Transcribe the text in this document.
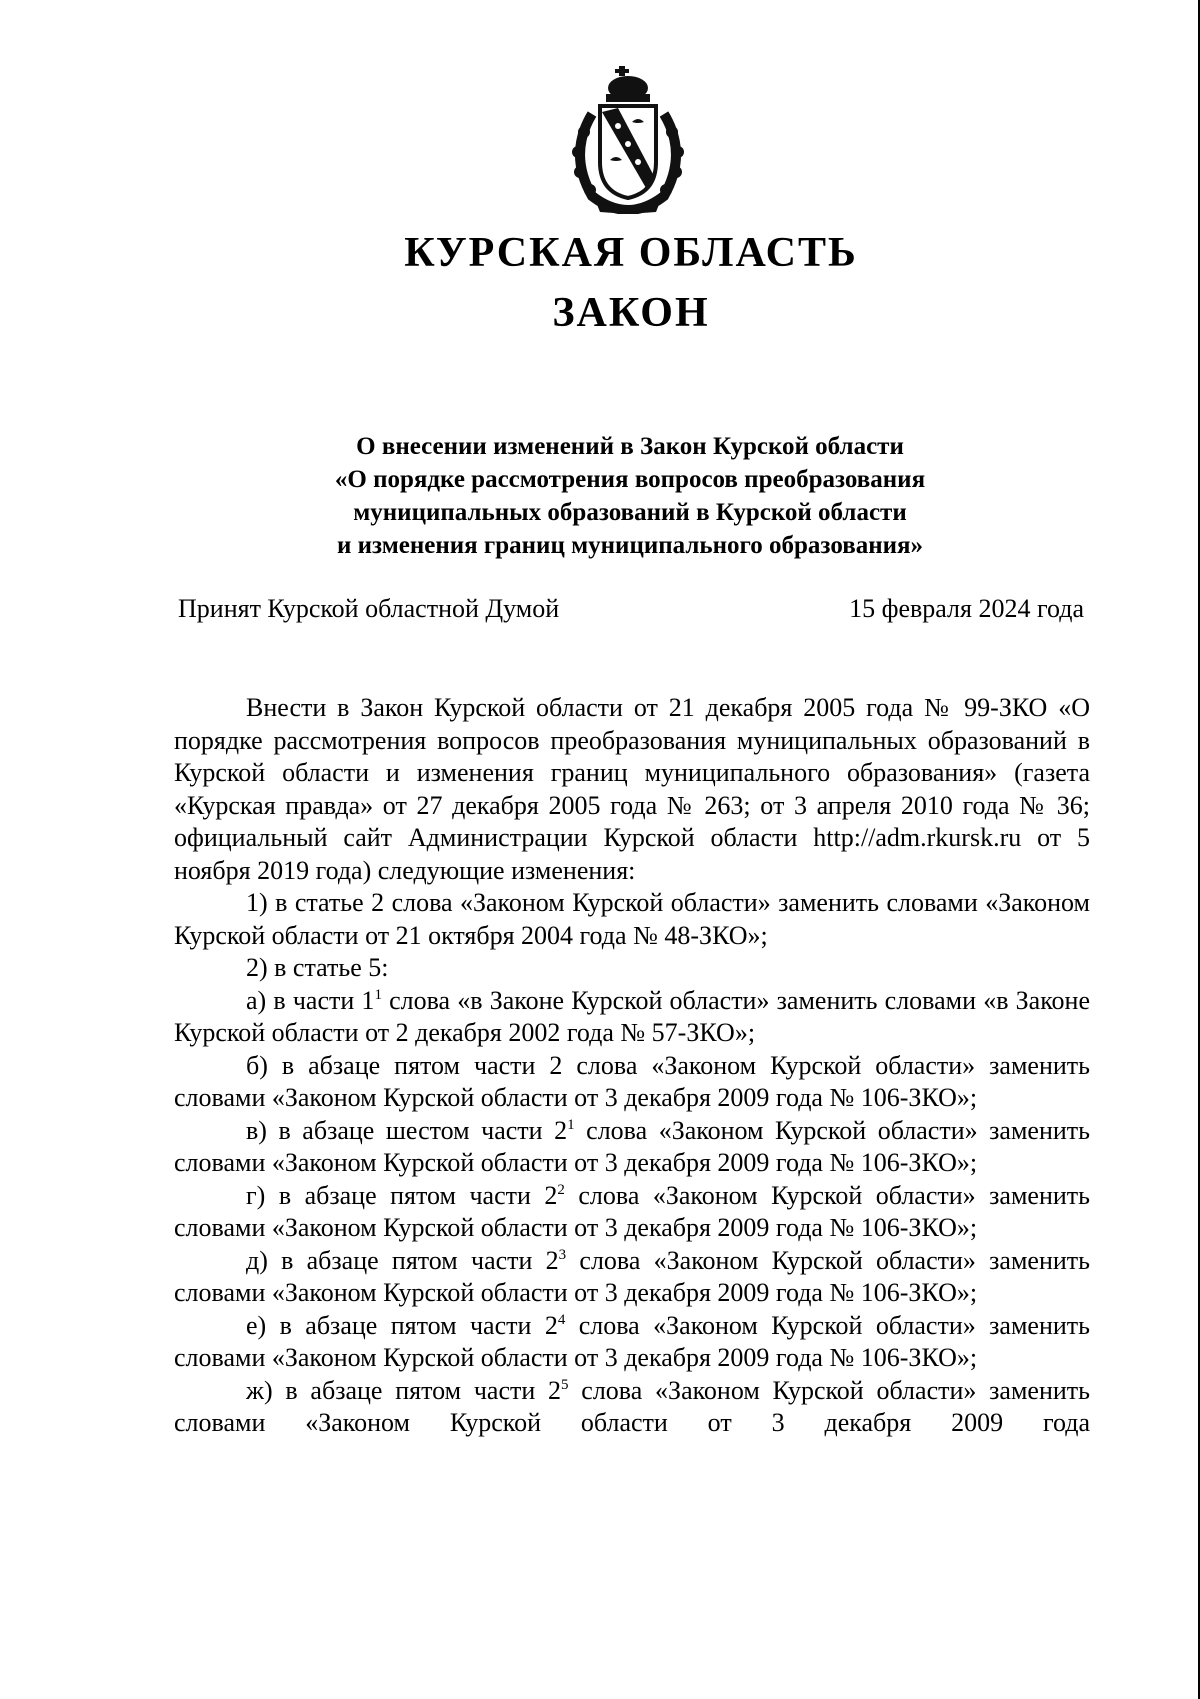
КУРСКАЯ ОБЛАСТЬ
ЗАКОН
О внесении изменений в Закон Курской области
«О порядке рассмотрения вопросов преобразования
муниципальных образований в Курской области
и изменения границ муниципального образования»
Принят Курской областной Думой	15 февраля 2024 года
Внести в Закон Курской области от 21 декабря 2005 года № 99-ЗКО «О порядке рассмотрения вопросов преобразования муниципальных образований в Курской области и изменения границ муниципального образования» (газета «Курская правда» от 27 декабря 2005 года № 263; от 3 апреля 2010 года № 36; официальный сайт Администрации Курской области http://adm.rkursk.ru от 5 ноября 2019 года) следующие изменения:
1) в статье 2 слова «Законом Курской области» заменить словами «Законом Курской области от 21 октября 2004 года № 48-ЗКО»;
2) в статье 5:
а) в части $1^1$ слова «в Законе Курской области» заменить словами «в Законе Курской области от 2 декабря 2002 года № 57-ЗКО»;
б) в абзаце пятом части 2 слова «Законом Курской области» заменить словами «Законом Курской области от 3 декабря 2009 года № 106-ЗКО»;
в) в абзаце шестом части $2^1$ слова «Законом Курской области» заменить словами «Законом Курской области от 3 декабря 2009 года № 106-ЗКО»;
г) в абзаце пятом части $2^2$ слова «Законом Курской области» заменить словами «Законом Курской области от 3 декабря 2009 года № 106-ЗКО»;
д) в абзаце пятом части $2^3$ слова «Законом Курской области» заменить словами «Законом Курской области от 3 декабря 2009 года № 106-ЗКО»;
е) в абзаце пятом части $2^4$ слова «Законом Курской области» заменить словами «Законом Курской области от 3 декабря 2009 года № 106-ЗКО»;
ж) в абзаце пятом части $2^5$ слова «Законом Курской области» заменить словами «Законом Курской области от 3 декабря 2009 года
